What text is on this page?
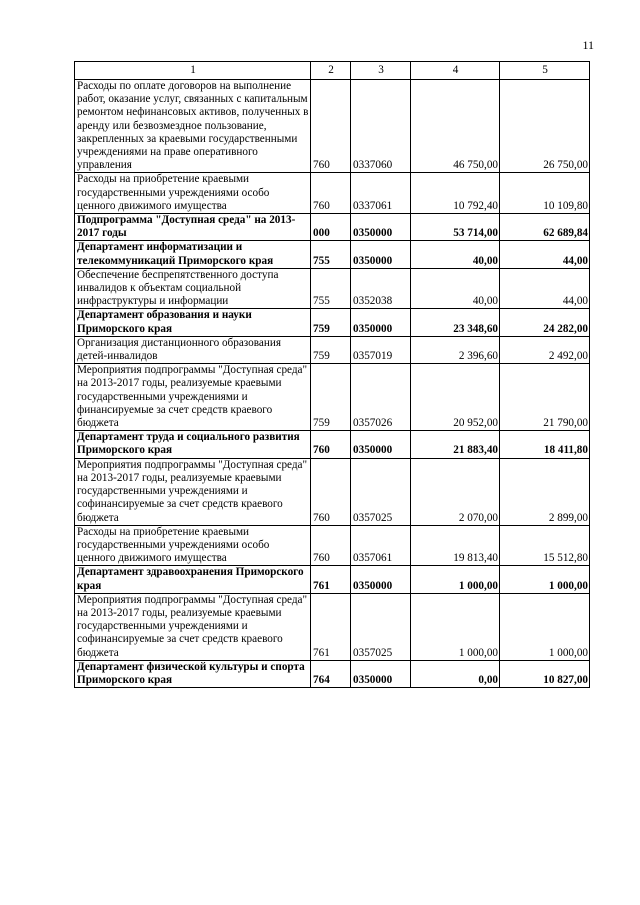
11
1	2	3	4	5
Расходы по оплате договоров на выполнение работ, оказание услуг, связанных с капитальным ремонтом нефинансовых активов, полученных в аренду или безвозмездное пользование, закрепленных за краевыми государственными учреждениями на праве оперативного управления	760	0337060	46 750,00	26 750,00
Расходы на приобретение краевыми государственными учреждениями особо ценного движимого имущества	760	0337061	10 792,40	10 109,80
Подпрограмма "Доступная среда" на 2013-2017 годы	000	0350000	53 714,00	62 689,84
Департамент информатизации и телекоммуникаций Приморского края	755	0350000	40,00	44,00
Обеспечение беспрепятственного доступа инвалидов к объектам социальной инфраструктуры и информации	755	0352038	40,00	44,00
Департамент образования и науки Приморского края	759	0350000	23 348,60	24 282,00
Организация дистанционного образования детей-инвалидов	759	0357019	2 396,60	2 492,00
Мероприятия подпрограммы "Доступная среда" на 2013-2017 годы, реализуемые краевыми государственными учреждениями и финансируемые за счет средств краевого бюджета	759	0357026	20 952,00	21 790,00
Департамент труда и социального развития Приморского края	760	0350000	21 883,40	18 411,80
Мероприятия подпрограммы "Доступная среда" на 2013-2017 годы, реализуемые краевыми государственными учреждениями и софинансируемые за счет средств краевого бюджета	760	0357025	2 070,00	2 899,00
Расходы на приобретение краевыми государственными учреждениями особо ценного движимого имущества	760	0357061	19 813,40	15 512,80
Департамент здравоохранения Приморского края	761	0350000	1 000,00	1 000,00
Мероприятия подпрограммы "Доступная среда" на 2013-2017 годы, реализуемые краевыми государственными учреждениями и софинансируемые за счет средств краевого бюджета	761	0357025	1 000,00	1 000,00
Департамент физической культуры и спорта Приморского края	764	0350000	0,00	10 827,00
